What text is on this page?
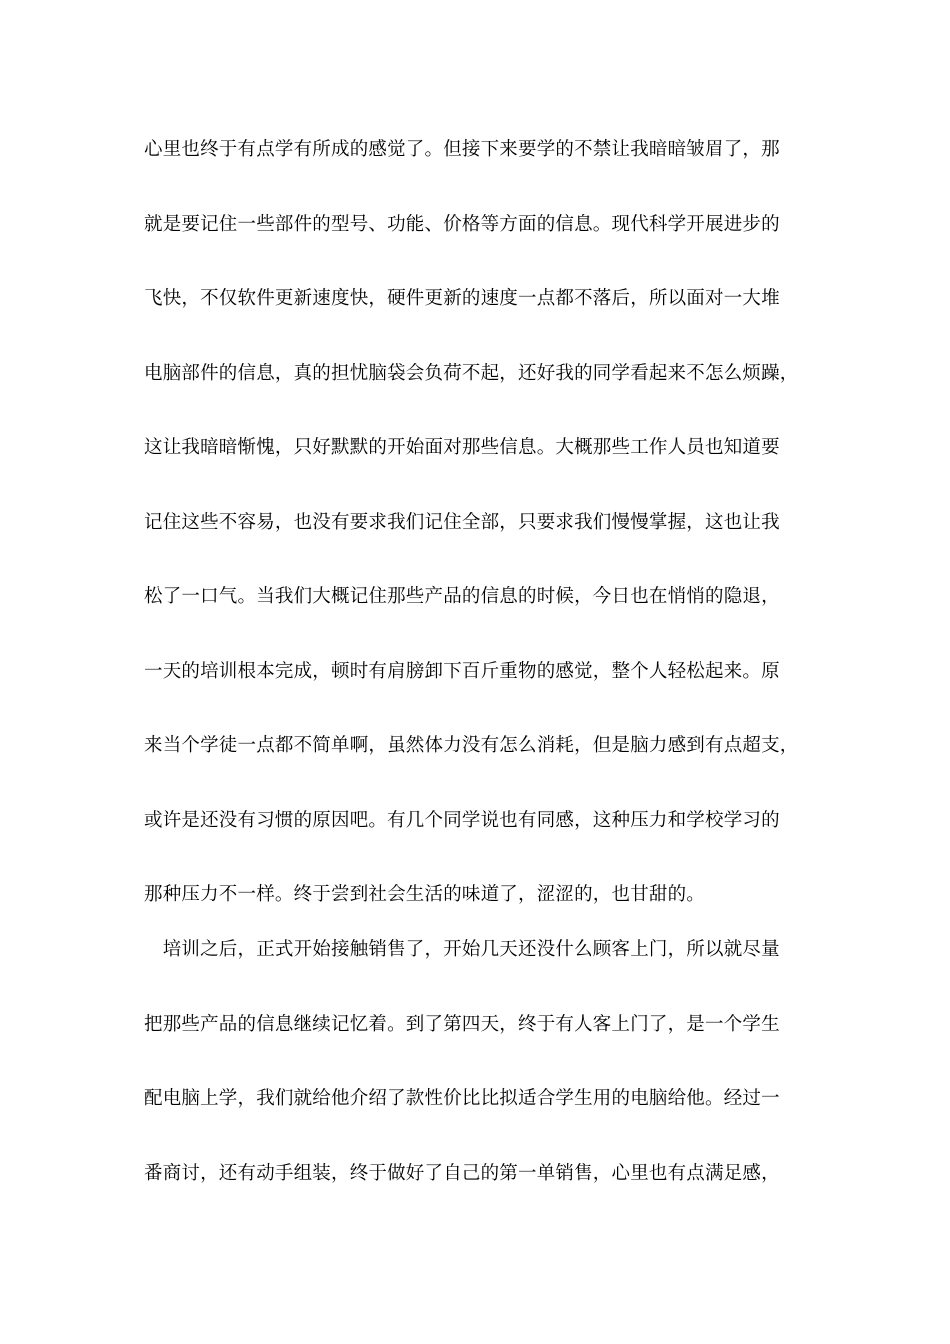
心里也终于有点学有所成的感觉了。但接下来要学的不禁让我暗暗皱眉了，那
就是要记住一些部件的型号、功能、价格等方面的信息。现代科学开展进步的
飞快，不仅软件更新速度快，硬件更新的速度一点都不落后，所以面对一大堆
电脑部件的信息，真的担忧脑袋会负荷不起，还好我的同学看起来不怎么烦躁，
这让我暗暗惭愧，只好默默的开始面对那些信息。大概那些工作人员也知道要
记住这些不容易，也没有要求我们记住全部，只要求我们慢慢掌握，这也让我
松了一口气。当我们大概记住那些产品的信息的时候，今日也在悄悄的隐退，
一天的培训根本完成，顿时有肩膀卸下百斤重物的感觉，整个人轻松起来。原
来当个学徒一点都不简单啊，虽然体力没有怎么消耗，但是脑力感到有点超支，
或许是还没有习惯的原因吧。有几个同学说也有同感，这种压力和学校学习的
那种压力不一样。终于尝到社会生活的味道了，涩涩的，也甘甜的。
　培训之后，正式开始接触销售了，开始几天还没什么顾客上门，所以就尽量
把那些产品的信息继续记忆着。到了第四天，终于有人客上门了，是一个学生
配电脑上学，我们就给他介绍了款性价比比拟适合学生用的电脑给他。经过一
番商讨，还有动手组装，终于做好了自己的第一单销售，心里也有点满足感，
